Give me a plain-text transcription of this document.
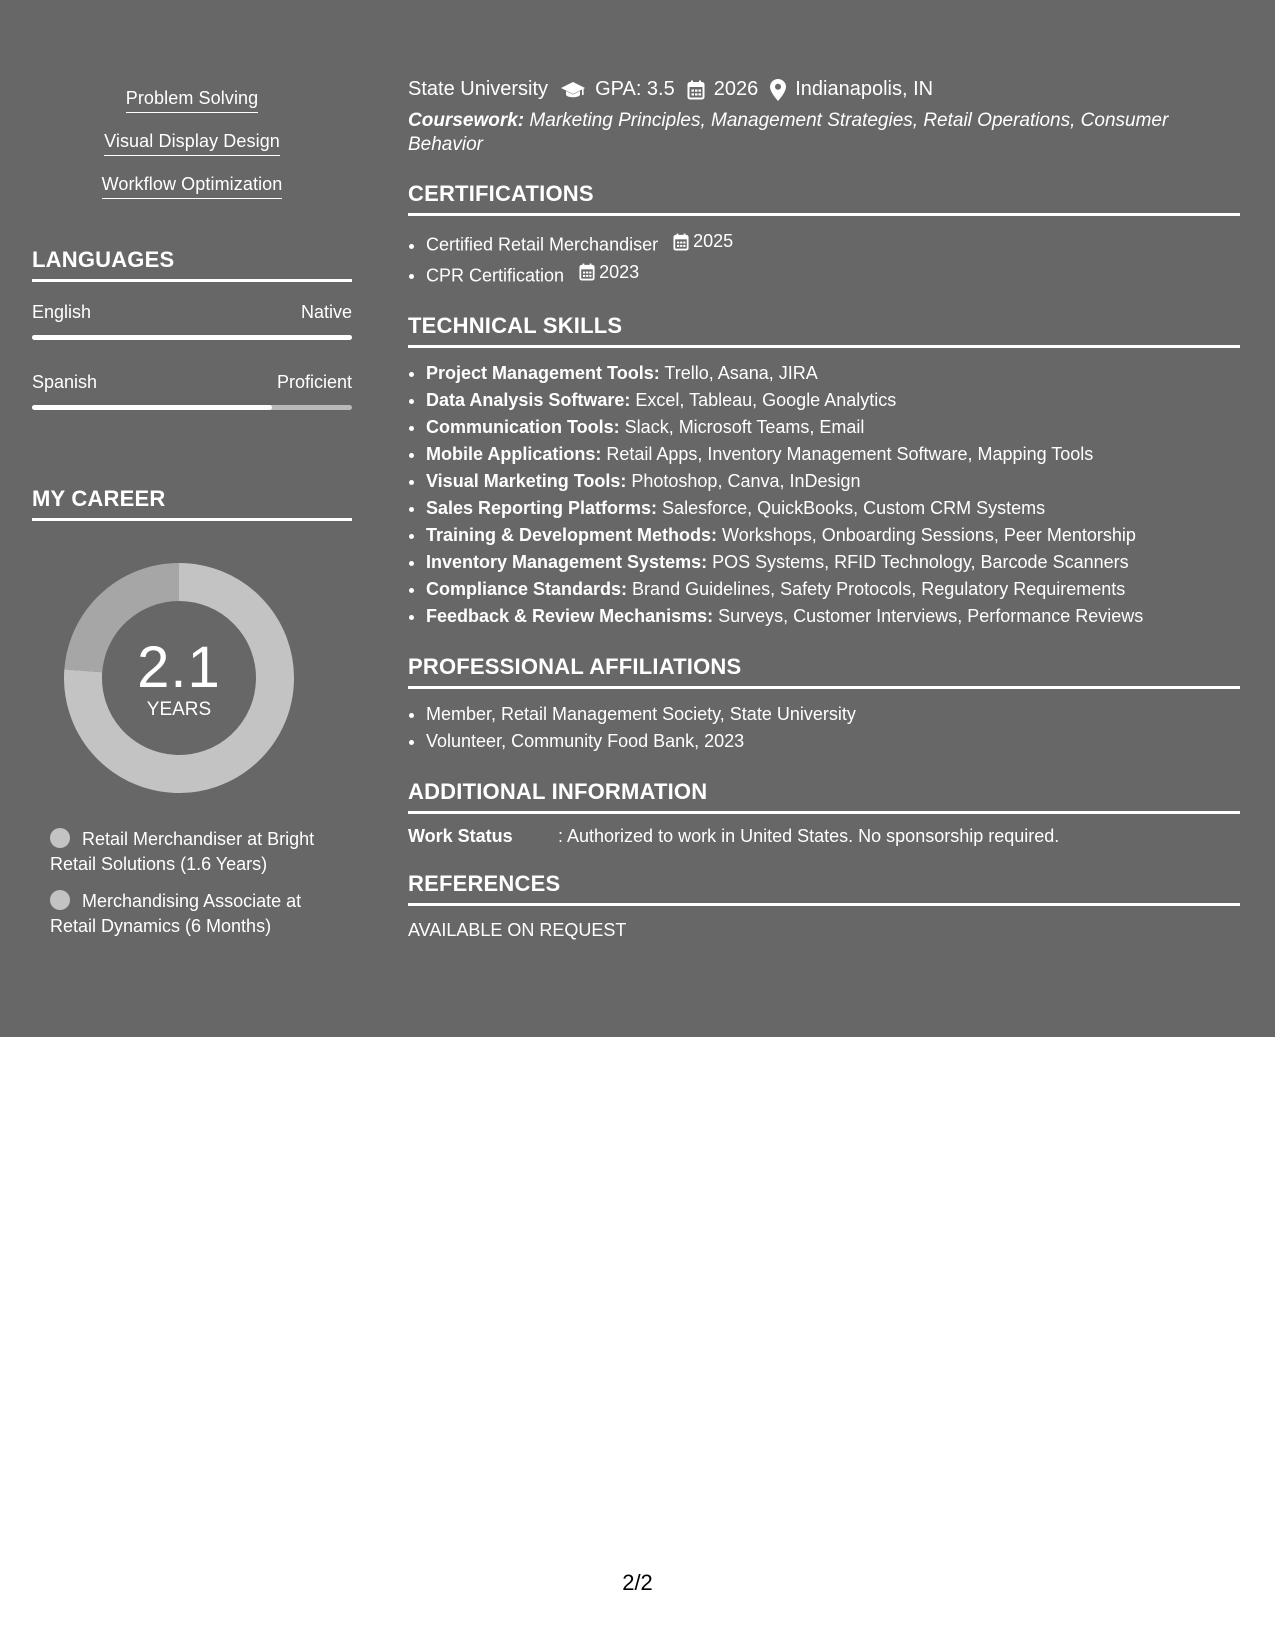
Problem Solving
Visual Display Design
Workflow Optimization
LANGUAGES
English	Native
Spanish	Proficient
MY CAREER
2.1
YEARS
Retail Merchandiser at Bright Retail Solutions (1.6 Years)
Merchandising Associate at Retail Dynamics (6 Months)
State University GPA: 3.5 2026 Indianapolis, IN
Coursework: Marketing Principles, Management Strategies, Retail Operations, Consumer Behavior
CERTIFICATIONS
• Certified Retail Merchandiser 2025
• CPR Certification 2023
TECHNICAL SKILLS
• Project Management Tools: Trello, Asana, JIRA
• Data Analysis Software: Excel, Tableau, Google Analytics
• Communication Tools: Slack, Microsoft Teams, Email
• Mobile Applications: Retail Apps, Inventory Management Software, Mapping Tools
• Visual Marketing Tools: Photoshop, Canva, InDesign
• Sales Reporting Platforms: Salesforce, QuickBooks, Custom CRM Systems
• Training & Development Methods: Workshops, Onboarding Sessions, Peer Mentorship
• Inventory Management Systems: POS Systems, RFID Technology, Barcode Scanners
• Compliance Standards: Brand Guidelines, Safety Protocols, Regulatory Requirements
• Feedback & Review Mechanisms: Surveys, Customer Interviews, Performance Reviews
PROFESSIONAL AFFILIATIONS
• Member, Retail Management Society, State University
• Volunteer, Community Food Bank, 2023
ADDITIONAL INFORMATION
Work Status	: Authorized to work in United States. No sponsorship required.
REFERENCES
AVAILABLE ON REQUEST
2/2
